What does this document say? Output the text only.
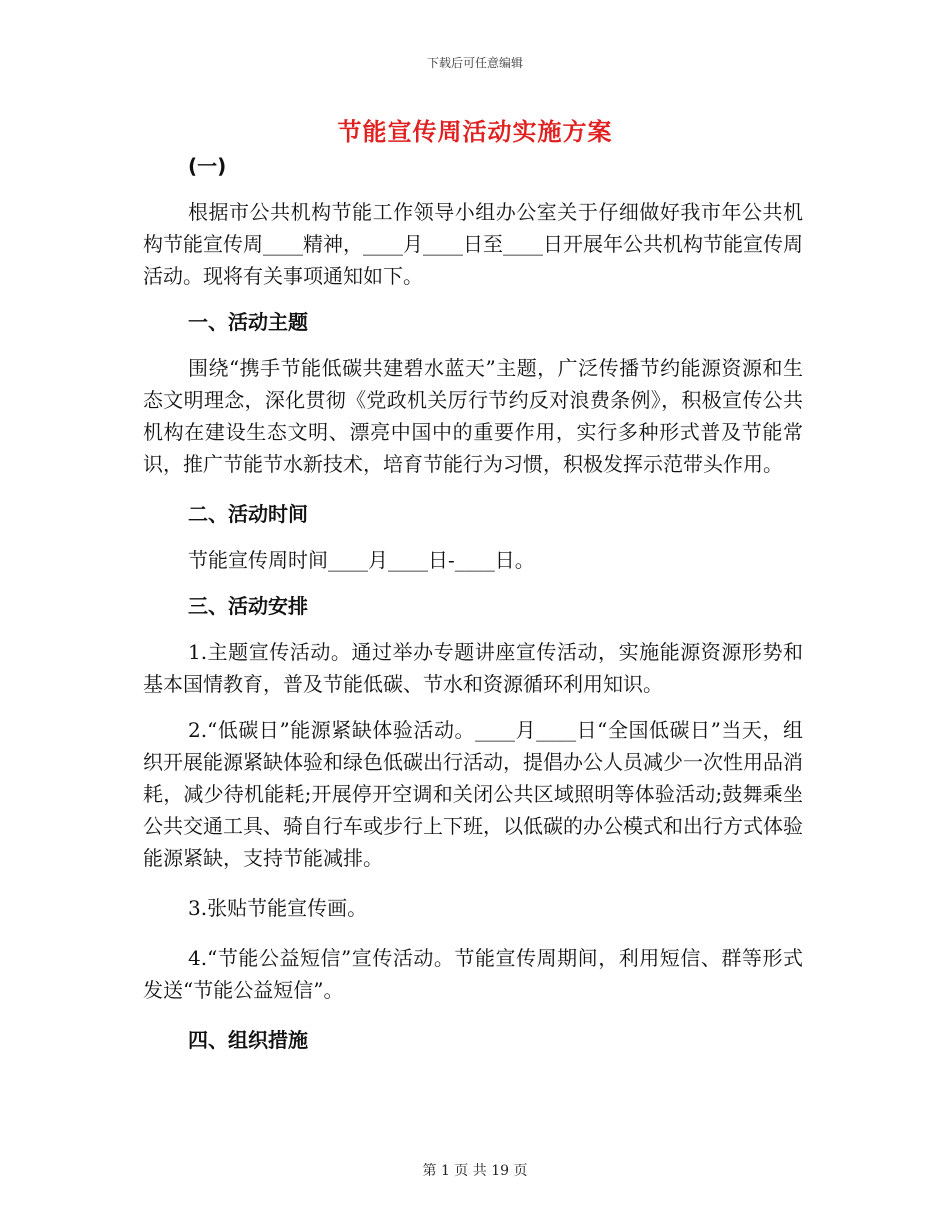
下载后可任意编辑
节能宣传周活动实施方案

(一)

根据市公共机构节能工作领导小组办公室关于仔细做好我市年公共机构节能宣传周____精神，____月____日至____日开展年公共机构节能宣传周活动。现将有关事项通知如下。

一、活动主题

围绕“携手节能低碳共建碧水蓝天”主题，广泛传播节约能源资源和生态文明理念，深化贯彻《党政机关厉行节约反对浪费条例》，积极宣传公共机构在建设生态文明、漂亮中国中的重要作用，实行多种形式普及节能常识，推广节能节水新技术，培育节能行为习惯，积极发挥示范带头作用。

二、活动时间

节能宣传周时间____月____日-____日。

三、活动安排

1.主题宣传活动。通过举办专题讲座宣传活动，实施能源资源形势和基本国情教育，普及节能低碳、节水和资源循环利用知识。

2.“低碳日”能源紧缺体验活动。____月____日“全国低碳日”当天，组织开展能源紧缺体验和绿色低碳出行活动，提倡办公人员减少一次性用品消耗，减少待机能耗;开展停开空调和关闭公共区域照明等体验活动;鼓舞乘坐公共交通工具、骑自行车或步行上下班，以低碳的办公模式和出行方式体验能源紧缺，支持节能减排。

3.张贴节能宣传画。

4.“节能公益短信”宣传活动。节能宣传周期间，利用短信、群等形式发送“节能公益短信”。

四、组织措施

第 1 页 共 19 页
